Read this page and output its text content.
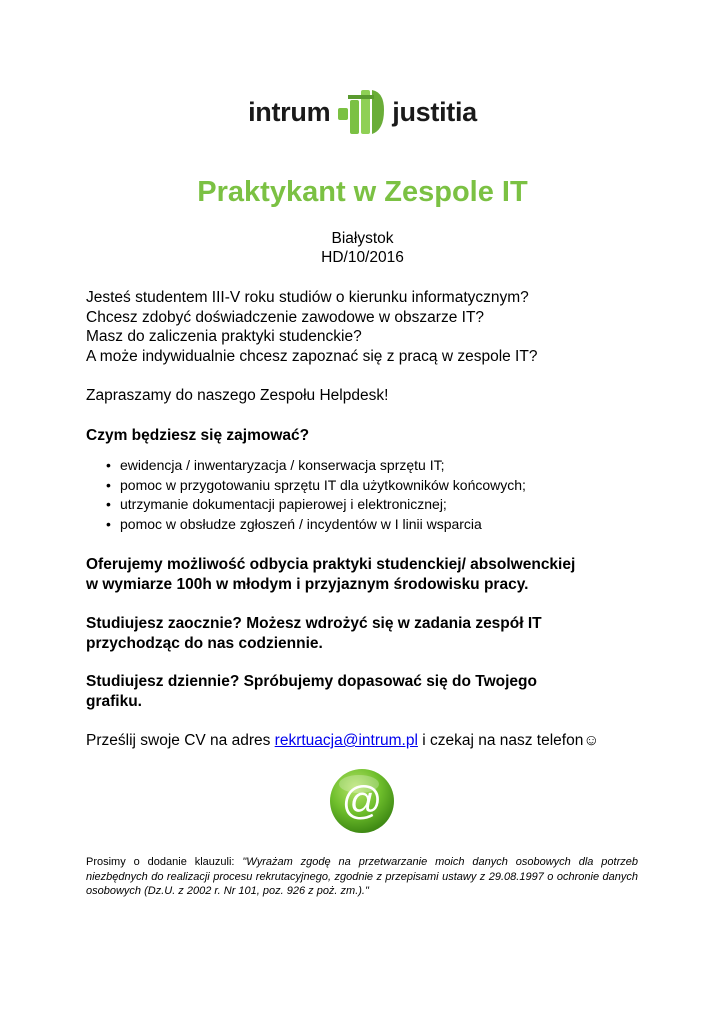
intrum justitia
Praktykant w Zespole IT
Białystok
HD/10/2016
Jesteś studentem III-V roku studiów o kierunku informatycznym?
Chcesz zdobyć doświadczenie zawodowe w obszarze IT?
Masz do zaliczenia praktyki studenckie?
A może indywidualnie chcesz zapoznać się z pracą w zespole IT?
Zapraszamy do naszego Zespołu Helpdesk!
Czym będziesz się zajmować?
• ewidencja / inwentaryzacja / konserwacja sprzętu IT;
• pomoc w przygotowaniu sprzętu IT dla użytkowników końcowych;
• utrzymanie dokumentacji papierowej i elektronicznej;
• pomoc w obsłudze zgłoszeń / incydentów w I linii wsparcia
Oferujemy możliwość odbycia praktyki studenckiej/ absolwenckiej
w wymiarze 100h w młodym i przyjaznym środowisku pracy.
Studiujesz zaocznie? Możesz wdrożyć się w zadania zespół IT
przychodząc do nas codziennie.
Studiujesz dziennie? Spróbujemy dopasować się do Twojego
grafiku.
Prześlij swoje CV na adres rekrtuacja@intrum.pl i czekaj na nasz telefon☺
@
Prosimy o dodanie klauzuli: "Wyrażam zgodę na przetwarzanie moich danych osobowych dla potrzeb niezbędnych do realizacji procesu rekrutacyjnego, zgodnie z przepisami ustawy z 29.08.1997 o ochronie danych osobowych (Dz.U. z 2002 r. Nr 101, poz. 926 z poż. zm.)."
